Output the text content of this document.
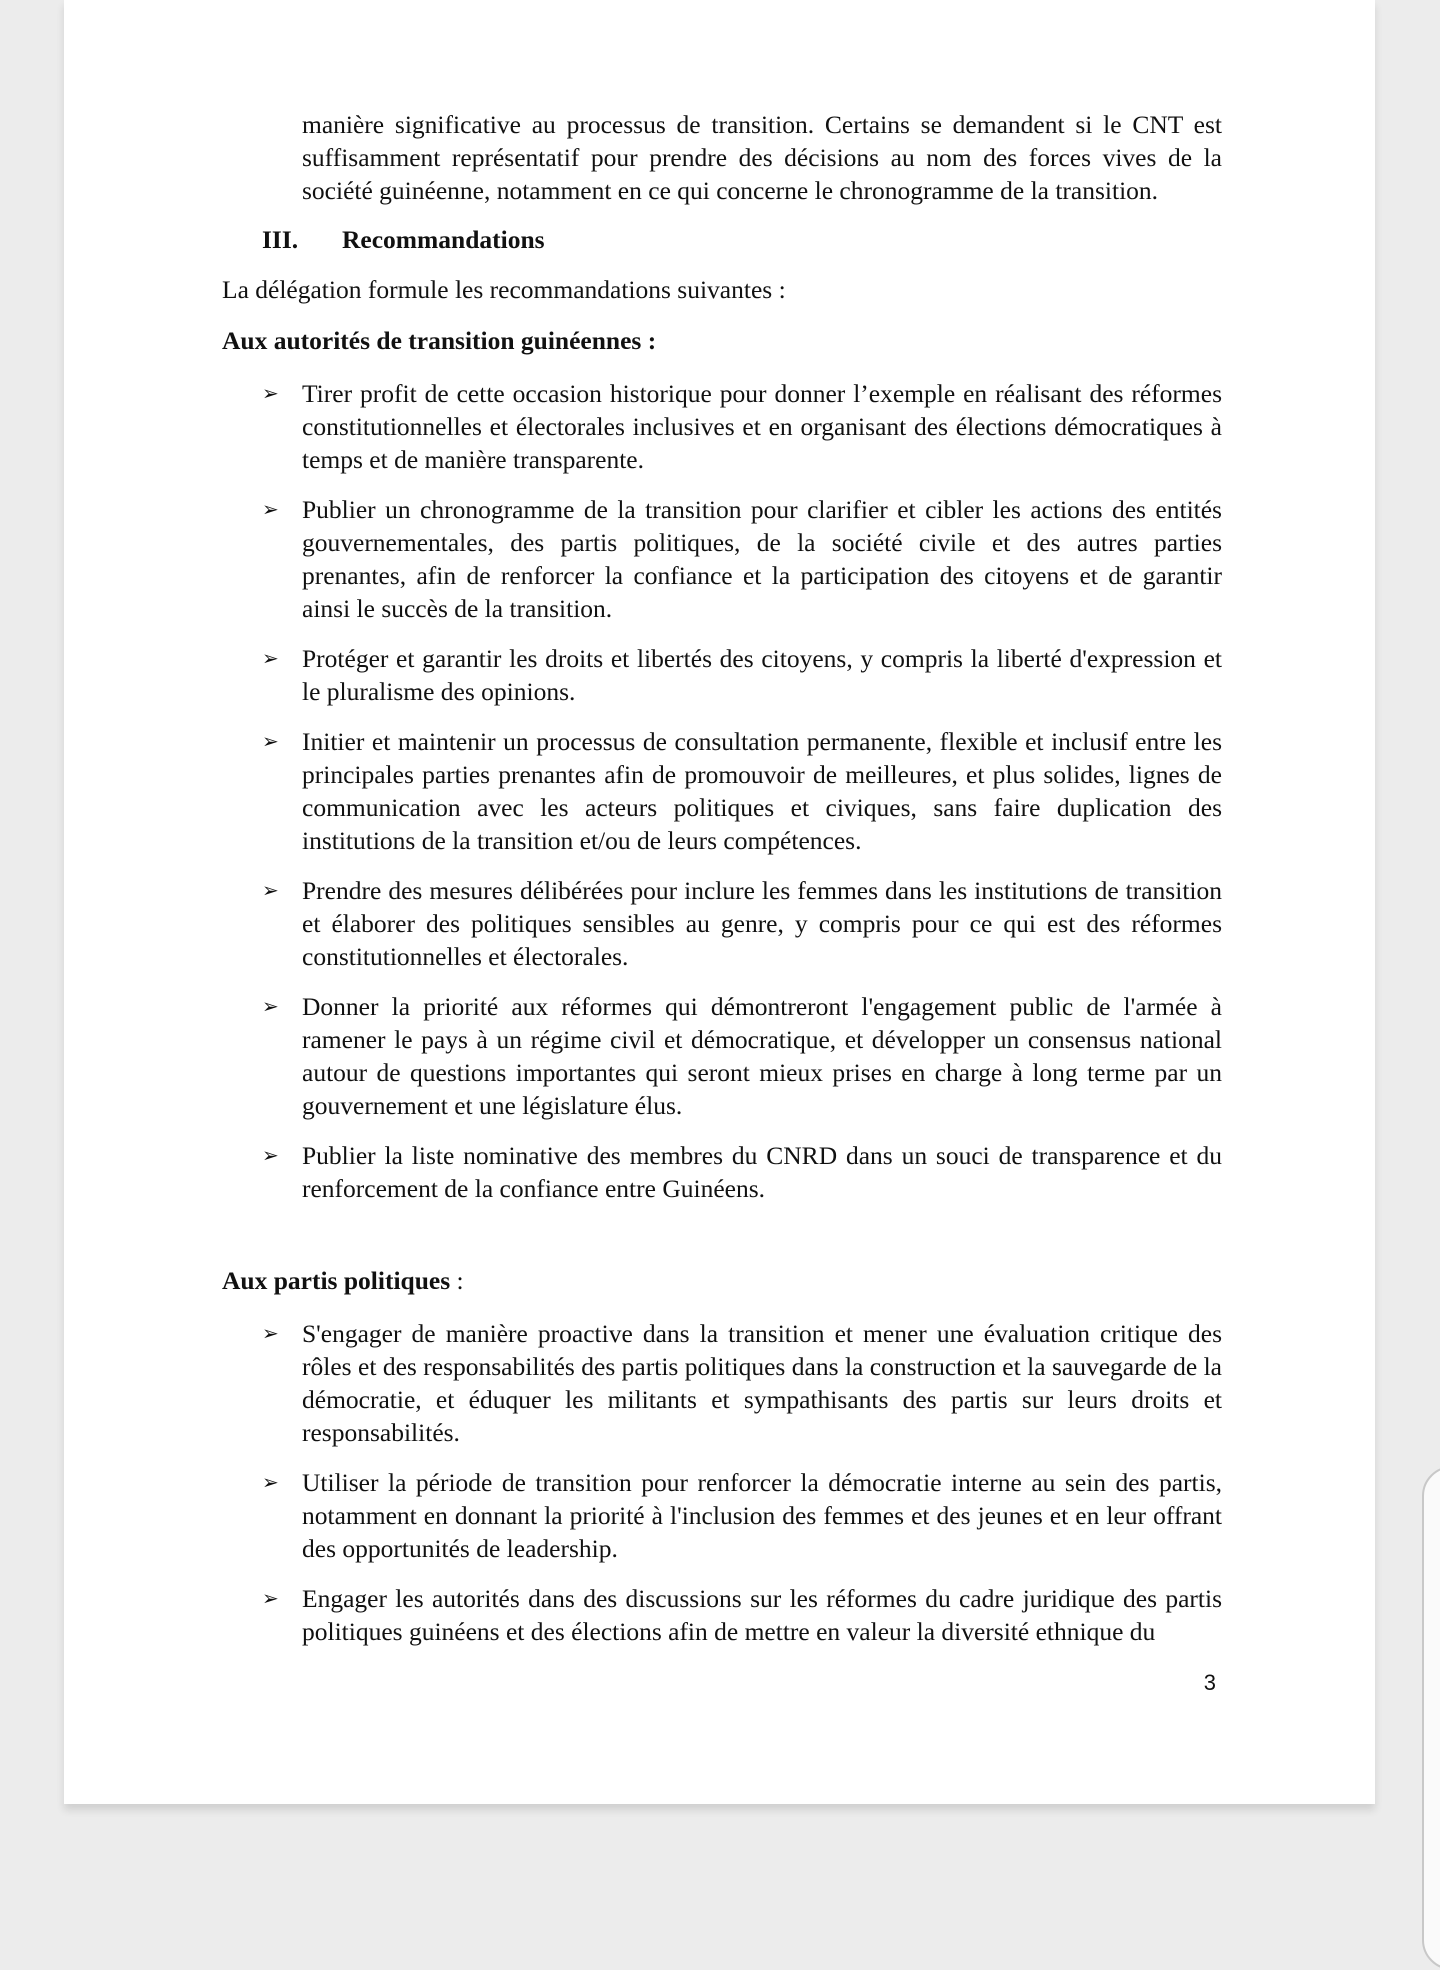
manière significative au processus de transition. Certains se demandent si le CNT est suffisamment représentatif pour prendre des décisions au nom des forces vives de la société guinéenne, notamment en ce qui concerne le chronogramme de la transition.
III.	Recommandations
La délégation formule les recommandations suivantes :
Aux autorités de transition guinéennes :
➢ Tirer profit de cette occasion historique pour donner l’exemple en réalisant des réformes constitutionnelles et électorales inclusives et en organisant des élections démocratiques à temps et de manière transparente.
➢ Publier un chronogramme de la transition pour clarifier et cibler les actions des entités gouvernementales, des partis politiques, de la société civile et des autres parties prenantes, afin de renforcer la confiance et la participation des citoyens et de garantir ainsi le succès de la transition.
➢ Protéger et garantir les droits et libertés des citoyens, y compris la liberté d'expression et le pluralisme des opinions.
➢ Initier et maintenir un processus de consultation permanente, flexible et inclusif entre les principales parties prenantes afin de promouvoir de meilleures, et plus solides, lignes de communication avec les acteurs politiques et civiques, sans faire duplication des institutions de la transition et/ou de leurs compétences.
➢ Prendre des mesures délibérées pour inclure les femmes dans les institutions de transition et élaborer des politiques sensibles au genre, y compris pour ce qui est des réformes constitutionnelles et électorales.
➢ Donner la priorité aux réformes qui démontreront l'engagement public de l'armée à ramener le pays à un régime civil et démocratique, et développer un consensus national autour de questions importantes qui seront mieux prises en charge à long terme par un gouvernement et une législature élus.
➢ Publier la liste nominative des membres du CNRD dans un souci de transparence et du renforcement de la confiance entre Guinéens.
Aux partis politiques :
➢ S'engager de manière proactive dans la transition et mener une évaluation critique des rôles et des responsabilités des partis politiques dans la construction et la sauvegarde de la démocratie, et éduquer les militants et sympathisants des partis sur leurs droits et responsabilités.
➢ Utiliser la période de transition pour renforcer la démocratie interne au sein des partis, notamment en donnant la priorité à l'inclusion des femmes et des jeunes et en leur offrant des opportunités de leadership.
➢ Engager les autorités dans des discussions sur les réformes du cadre juridique des partis politiques guinéens et des élections afin de mettre en valeur la diversité ethnique du
3
